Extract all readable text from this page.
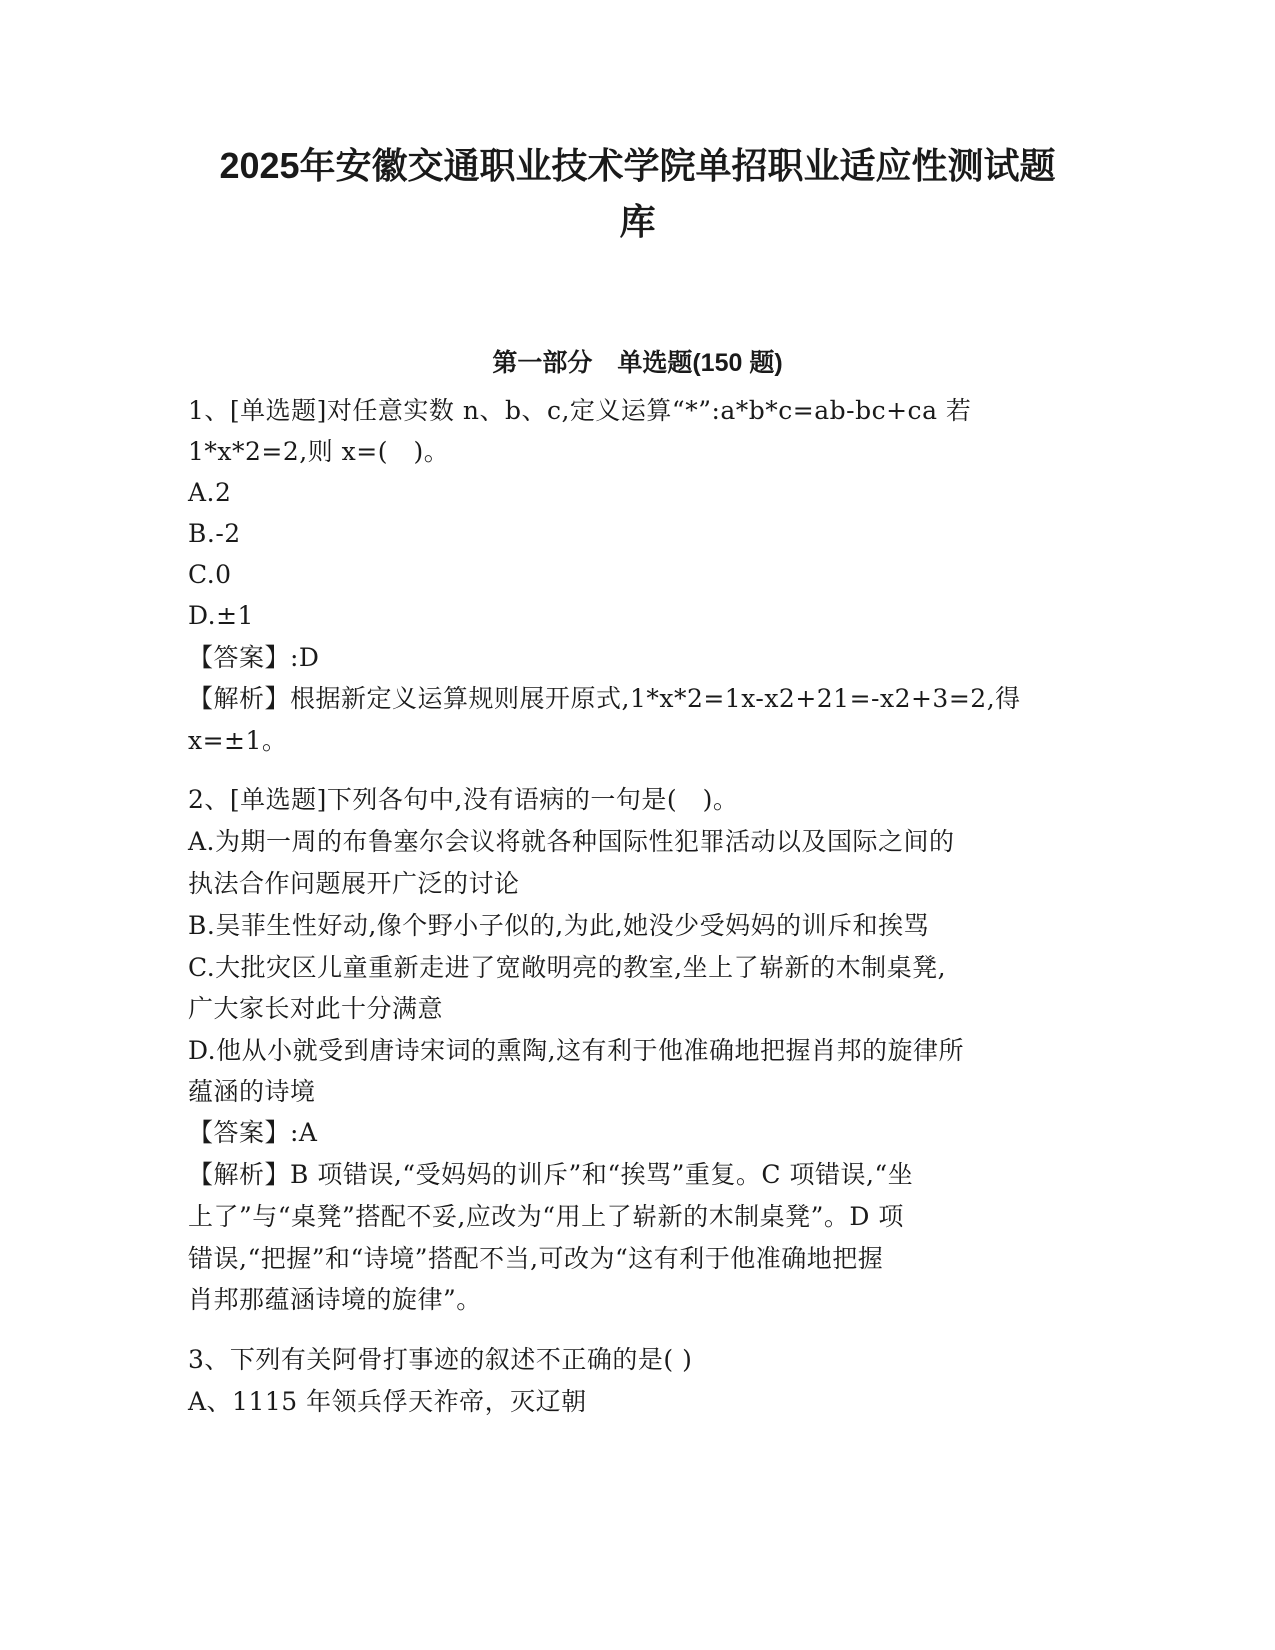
2025年安徽交通职业技术学院单招职业适应性测试题
库
第一部分　单选题(150 题)
1、[单选题]对任意实数 n、b、c,定义运算“*”:a*b*c=ab-bc+ca 若
1*x*2=2,则 x=(　)。
A.2
B.-2
C.0
D.±1
【答案】:D
【解析】根据新定义运算规则展开原式,1*x*2=1x-x2+21=-x2+3=2,得
x=±1。
2、[单选题]下列各句中,没有语病的一句是(　)。
A.为期一周的布鲁塞尔会议将就各种国际性犯罪活动以及国际之间的
执法合作问题展开广泛的讨论
B.吴菲生性好动,像个野小子似的,为此,她没少受妈妈的训斥和挨骂
C.大批灾区儿童重新走进了宽敞明亮的教室,坐上了崭新的木制桌凳,
广大家长对此十分满意
D.他从小就受到唐诗宋词的熏陶,这有利于他准确地把握肖邦的旋律所
蕴涵的诗境
【答案】:A
【解析】B 项错误,“受妈妈的训斥”和“挨骂”重复。C 项错误,“坐
上了”与“桌凳”搭配不妥,应改为“用上了崭新的木制桌凳”。D 项
错误,“把握”和“诗境”搭配不当,可改为“这有利于他准确地把握
肖邦那蕴涵诗境的旋律”。
3、下列有关阿骨打事迹的叙述不正确的是( )
A、1115 年领兵俘天祚帝，灭辽朝
